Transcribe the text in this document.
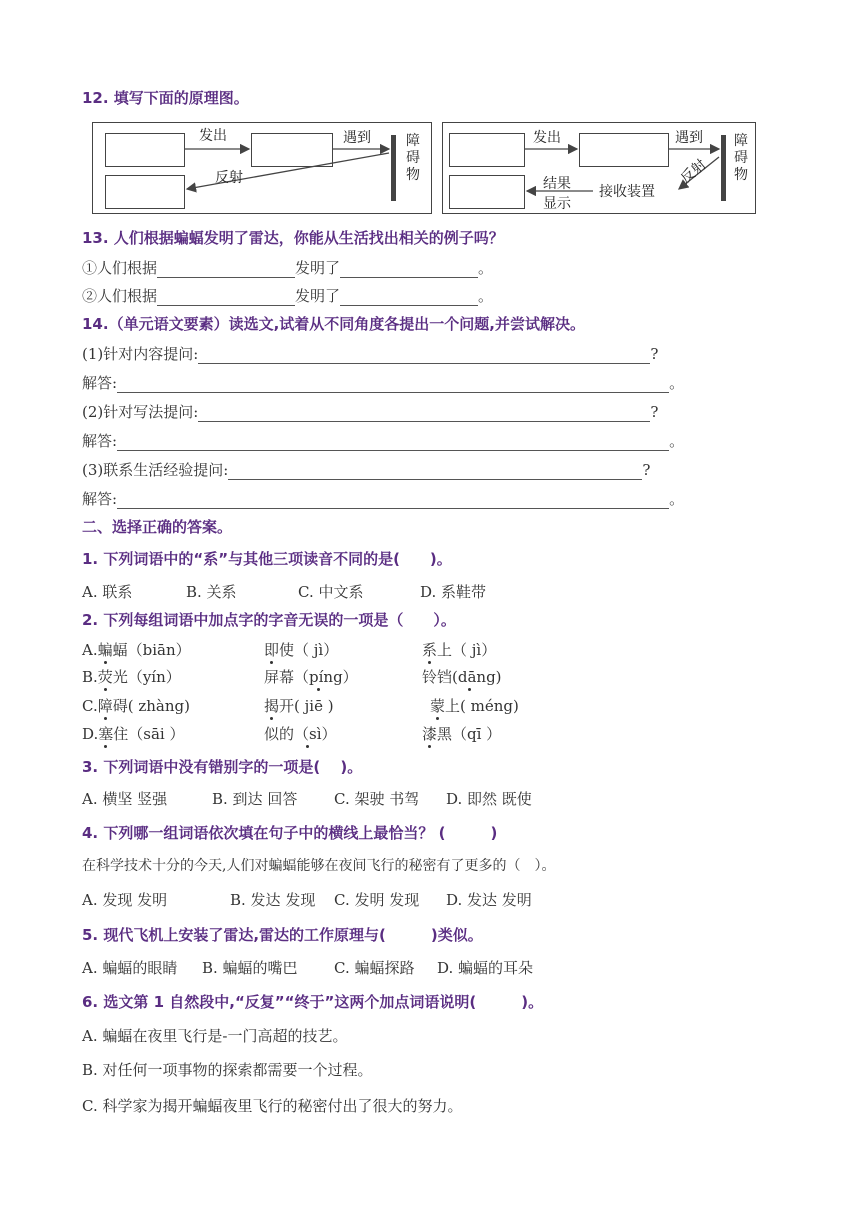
12. 填写下面的原理图。
发出	遇到
反射
障
碍
物
发出	遇到
反射
接收装置
结果
显示
障
碍
物
13. 人们根据蝙蝠发明了雷达，你能从生活找出相关的例子吗？
①人们根据	发明了	。
②人们根据	发明了	。
14.（单元语文要素）读选文,试着从不同角度各提出一个问题,并尝试解决。
(1)针对内容提问:	?
解答:	。
(2)针对写法提问:	?
解答:	。
(3)联系生活经验提问:	?
解答:	。
二、选择正确的答案。
1. 下列词语中的“系”与其他三项读音不同的是(　　)。
A. 联系	B. 关系	C. 中文系	D. 系鞋带
2. 下列每组词语中加点字的字音无误的一项是（　　）。
A.蝙蝠（biān）	即使（ jì）	系上（ jì）
B.荧光（yín）	屏幕（píng）	铃铛(dāng)
C.障碍( zhàng)	揭开( jiē )	蒙上( méng)
D.塞住（sāi ）	似的（sì）	漆黑（qī ）
3. 下列词语中没有错别字的一项是(　 )。
A. 横坚 竖强	B. 到达 回答 C. 架驶 书驾 D. 即然 既使
4. 下列哪一组词语依次填在句子中的横线上最恰当？ (　　　)
在科学技术十分的今天,人们对蝙蝠能够在夜间飞行的秘密有了更多的（　）。
A. 发现 发明	B. 发达 发现 C. 发明 发现 D. 发达 发明
5. 现代飞机上安装了雷达,雷达的工作原理与(　　　)类似。
A. 蝙蝠的眼睛 B. 蝙蝠的嘴巴 C. 蝙蝠探路 D. 蝙蝠的耳朵
6. 选文第 1 自然段中,“反复”“终于”这两个加点词语说明(　　　)。
A. 蝙蝠在夜里飞行是-一门高超的技艺。
B. 对任何一项事物的探索都需要一个过程。
C. 科学家为揭开蝙蝠夜里飞行的秘密付出了很大的努力。
